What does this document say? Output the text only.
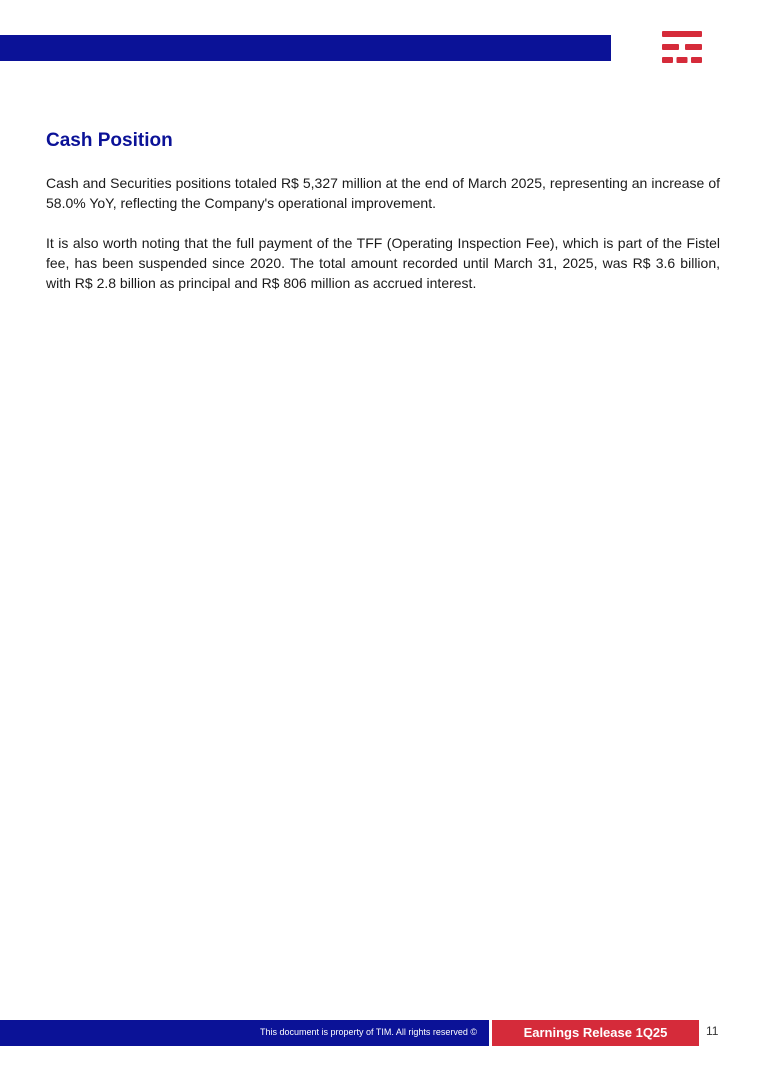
Cash Position

Cash and Securities positions totaled R$ 5,327 million at the end of March 2025, representing an increase of 58.0% YoY, reflecting the Company's operational improvement.

It is also worth noting that the full payment of the TFF (Operating Inspection Fee), which is part of the Fistel fee, has been suspended since 2020. The total amount recorded until March 31, 2025, was R$ 3.6 billion, with R$ 2.8 billion as principal and R$ 806 million as accrued interest.

This document is property of TIM. All rights reserved ©	Earnings Release 1Q25	11
